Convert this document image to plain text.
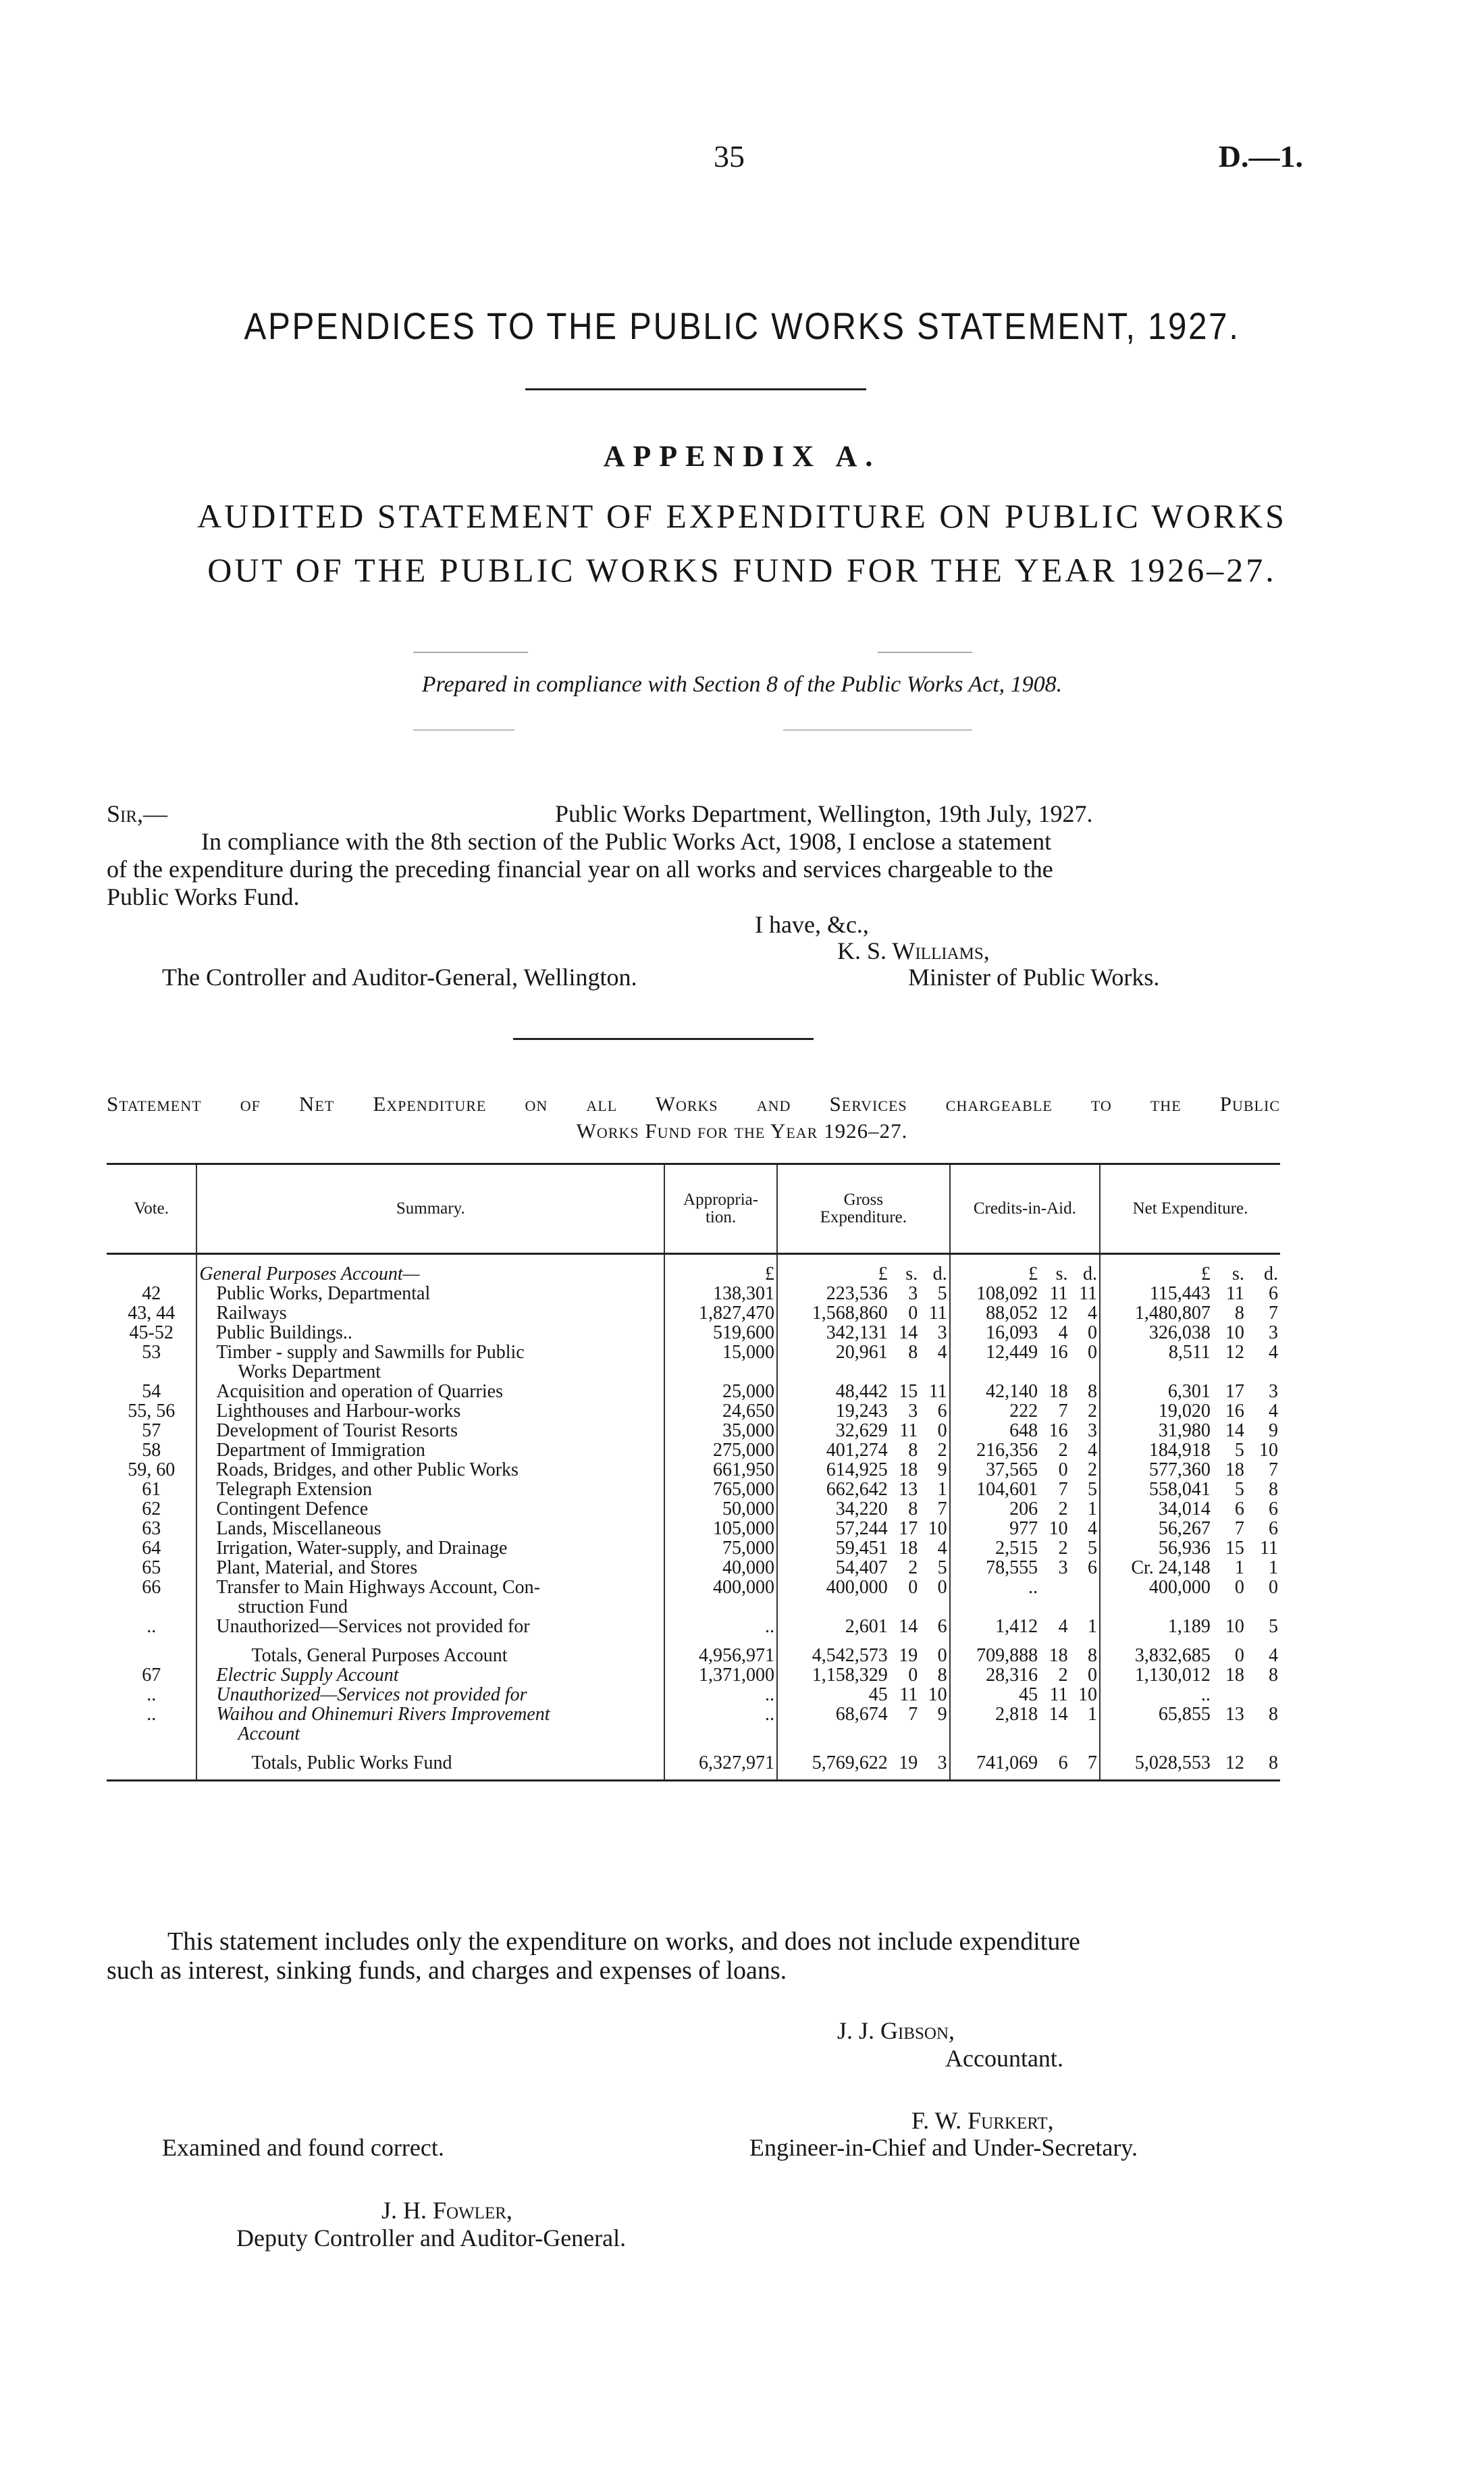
35	D.—1.
APPENDICES TO THE PUBLIC WORKS STATEMENT, 1927.
APPENDIX A.
AUDITED STATEMENT OF EXPENDITURE ON PUBLIC WORKS
OUT OF THE PUBLIC WORKS FUND FOR THE YEAR 1926–27.
Prepared in compliance with Section 8 of the Public Works Act, 1908.
Sir,—	Public Works Department, Wellington, 19th July, 1927.
In compliance with the 8th section of the Public Works Act, 1908, I enclose a statement
of the expenditure during the preceding financial year on all works and services chargeable to the
Public Works Fund.
I have, &c.,
K. S. Williams,
The Controller and Auditor-General, Wellington.	Minister of Public Works.
Statement of Net Expenditure on all Works and Services chargeable to the Public
Works Fund for the Year 1926–27.
Vote.	Summary.	Appropria-
tion.	Gross
Expenditure.			Credits-in-Aid.			Net Expenditure.		

	General Purposes Account—	£	£	s.	d.	£	s.	d.	£	s.	d.
42	Public Works, Departmental	138,301	223,536	3	5	108,092	11	11	115,443	11	6
43, 44	Railways	1,827,470	1,568,860	0	11	88,052	12	4	1,480,807	8	7
45-52	Public Buildings..	519,600	342,131	14	3	16,093	4	0	326,038	10	3
53	Timber - supply and Sawmills for Public
Works Department	15,000	20,961	8	4	12,449	16	0	8,511	12	4
54	Acquisition and operation of Quarries	25,000	48,442	15	11	42,140	18	8	6,301	17	3
55, 56	Lighthouses and Harbour-works	24,650	19,243	3	6	222	7	2	19,020	16	4
57	Development of Tourist Resorts	35,000	32,629	11	0	648	16	3	31,980	14	9
58	Department of Immigration	275,000	401,274	8	2	216,356	2	4	184,918	5	10
59, 60	Roads, Bridges, and other Public Works	661,950	614,925	18	9	37,565	0	2	577,360	18	7
61	Telegraph Extension	765,000	662,642	13	1	104,601	7	5	558,041	5	8
62	Contingent Defence	50,000	34,220	8	7	206	2	1	34,014	6	6
63	Lands, Miscellaneous	105,000	57,244	17	10	977	10	4	56,267	7	6
64	Irrigation, Water-supply, and Drainage	75,000	59,451	18	4	2,515	2	5	56,936	15	11
65	Plant, Material, and Stores	40,000	54,407	2	5	78,555	3	6	Cr. 24,148	1	1
66	Transfer to Main Highways Account, Con-
struction Fund	400,000	400,000	0	0	..			400,000	0	0
..	Unauthorized—Services not provided for	..	2,601	14	6	1,412	4	1	1,189	10	5

	Totals, General Purposes Account	4,956,971	4,542,573	19	0	709,888	18	8	3,832,685	0	4
67	Electric Supply Account	1,371,000	1,158,329	0	8	28,316	2	0	1,130,012	18	8
..	Unauthorized—Services not provided for	..	45	11	10	45	11	10	..		
..	Waihou and Ohinemuri Rivers Improvement
Account	..	68,674	7	9	2,818	14	1	65,855	13	8

	Totals, Public Works Fund	6,327,971	5,769,622	19	3	741,069	6	7	5,028,553	12	8
This statement includes only the expenditure on works, and does not include expenditure
such as interest, sinking funds, and charges and expenses of loans.
J. J. Gibson,
Accountant.
F. W. Furkert,
Examined and found correct.	Engineer-in-Chief and Under-Secretary.
J. H. Fowler,
Deputy Controller and Auditor-General.
